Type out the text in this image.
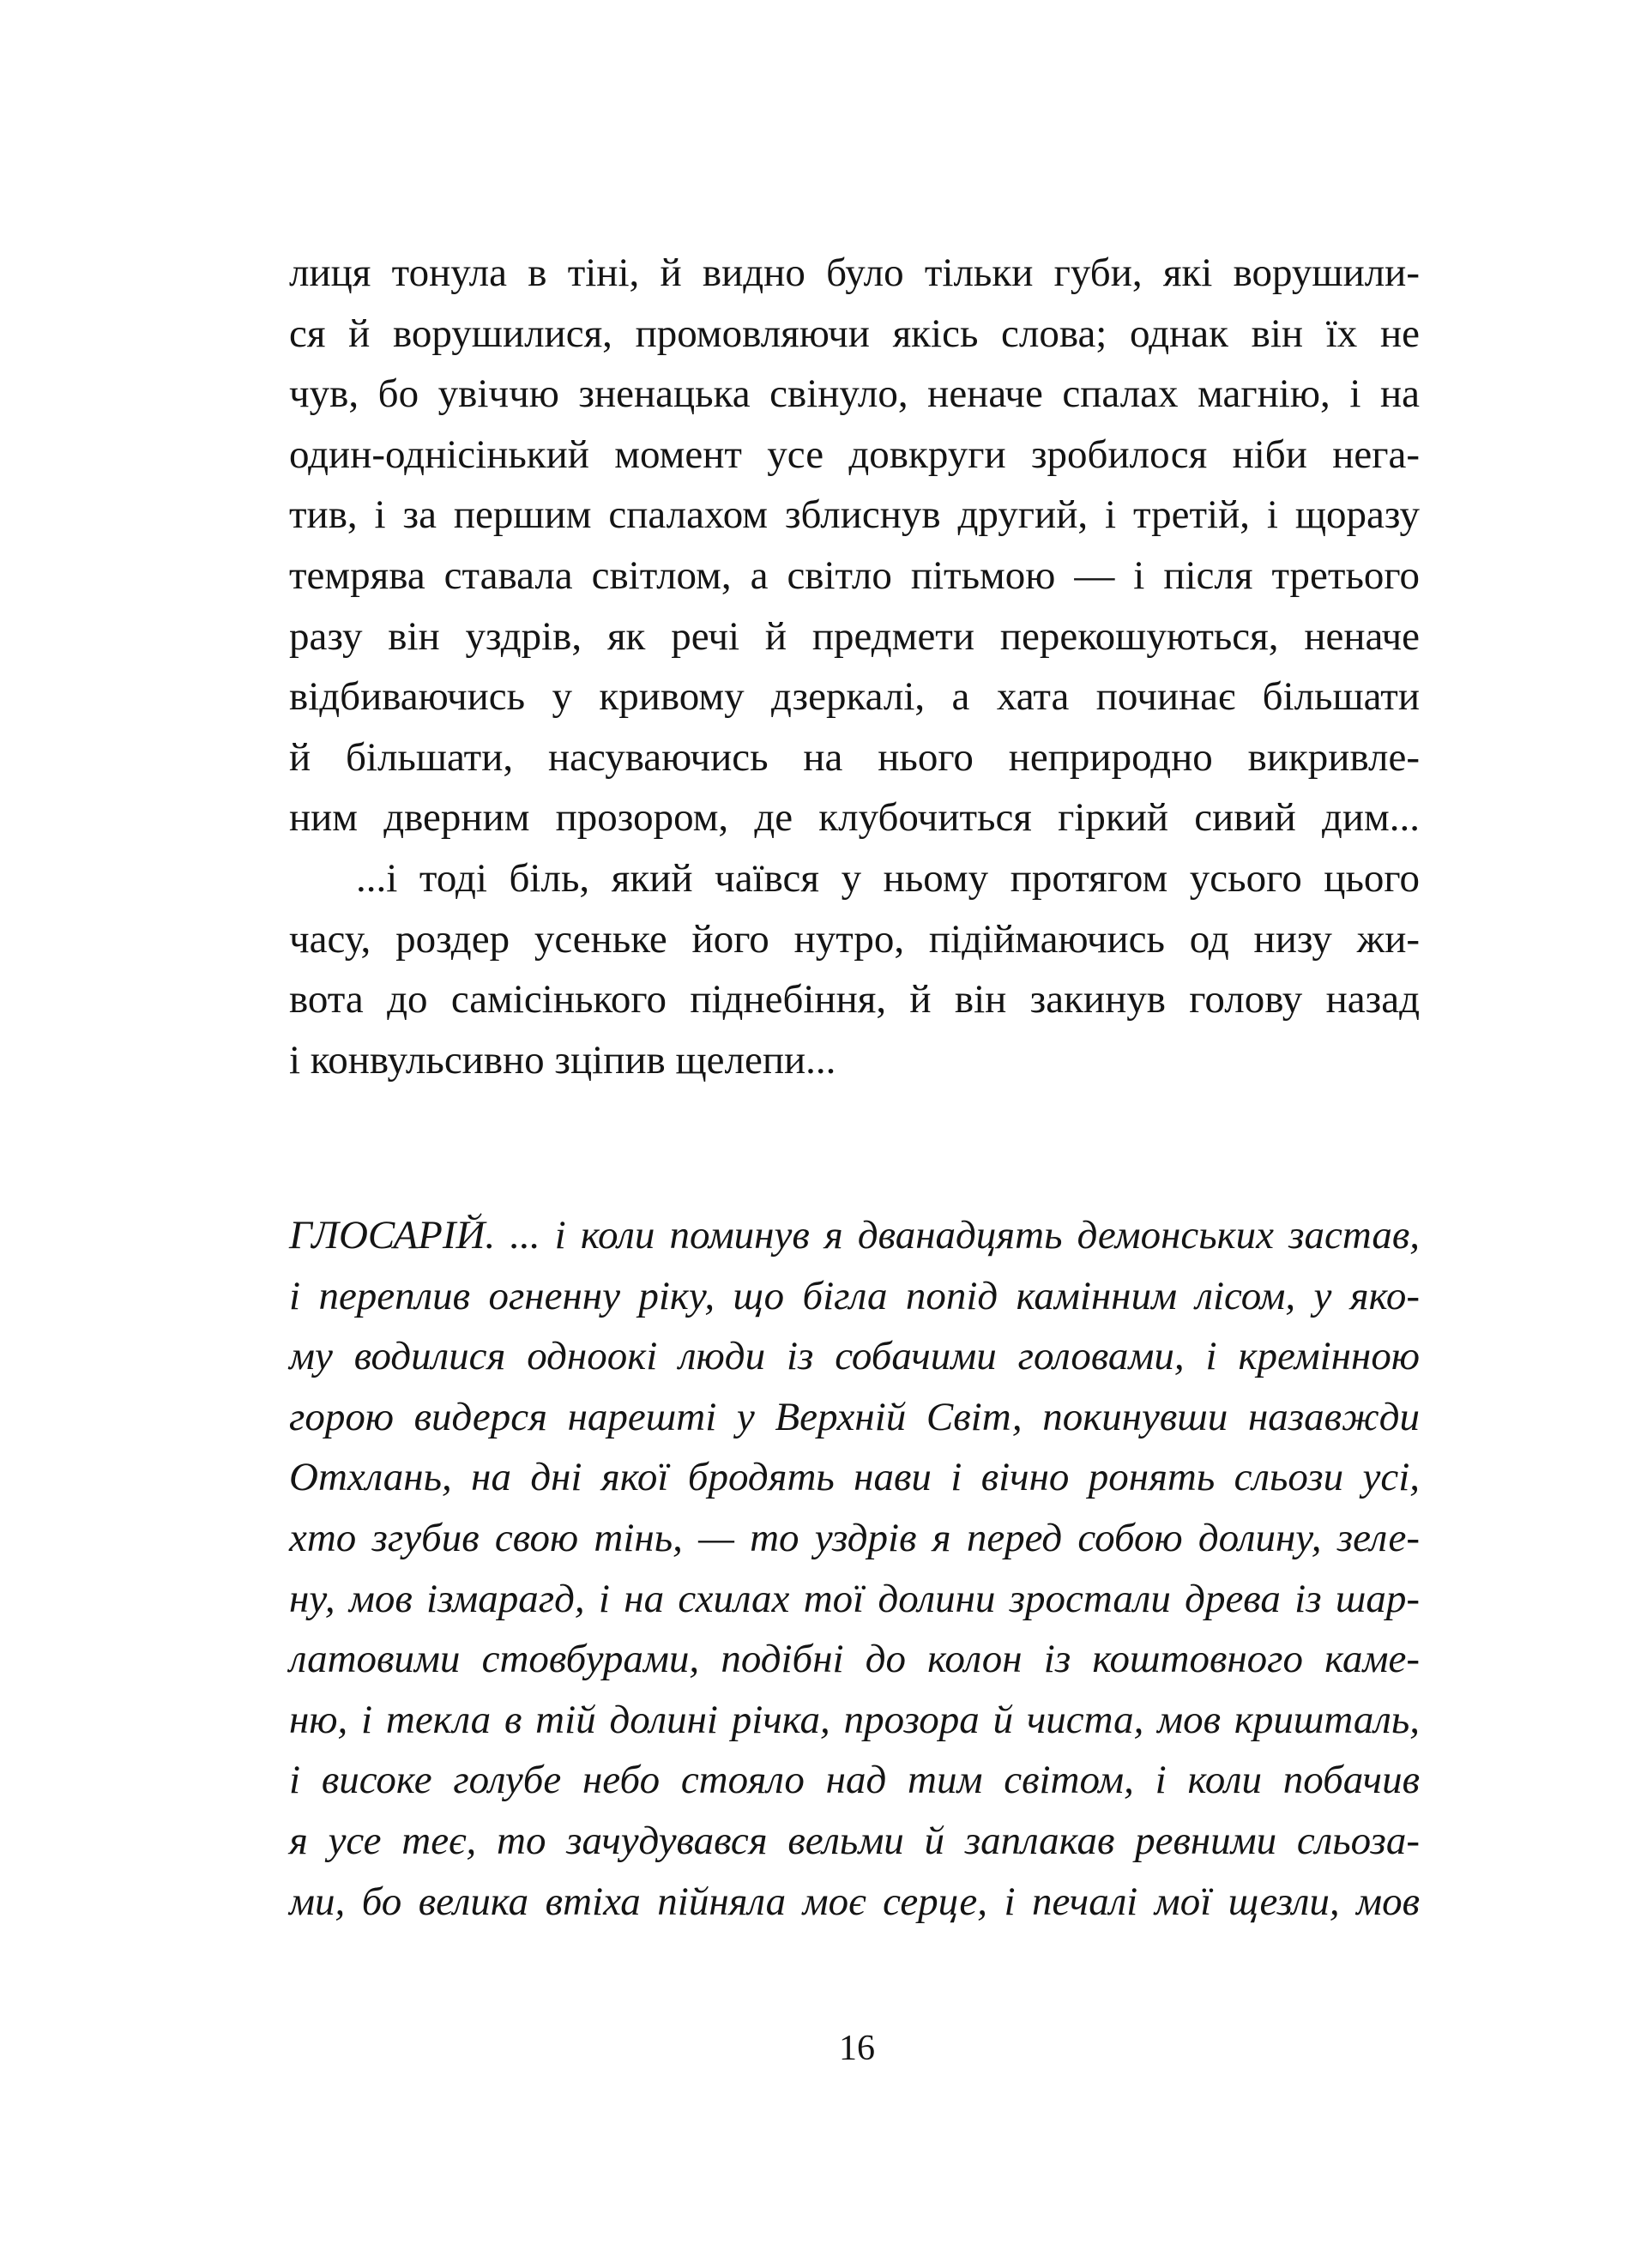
лиця тонула в тіні, й видно було тільки губи, які ворушили-
ся й ворушилися, промовляючи якісь слова; однак він їх не
чув, бо увіччю зненацька свінуло, неначе спалах магнію, і на
один-однісінький момент усе довкруги зробилося ніби нега-
тив, і за першим спалахом зблиснув другий, і третій, і щоразу
темрява ставала світлом, а світло пітьмою — і після третього
разу він уздрів, як речі й предмети перекошуються, неначе
відбиваючись у кривому дзеркалі, а хата починає більшати
й більшати, насуваючись на нього неприродно викривле-
ним дверним прозором, де клубочиться гіркий сивий дим...
...і тоді біль, який чаївся у ньому протягом усього цього
часу, роздер усеньке його нутро, підіймаючись од низу жи-
вота до самісінького піднебіння, й він закинув голову назад
і конвульсивно зціпив щелепи...
ГЛОСАРІЙ. ... і коли поминув я дванадцять демонських застав,
і переплив огненну ріку, що бігла попід камінним лісом, у яко-
му водилися одноокі люди із собачими головами, і кремінною
горою видерся нарешті у Верхній Світ, покинувши назавжди
Отхлань, на дні якої бродять нави і вічно ронять сльози усі,
хто згубив свою тінь, — то уздрів я перед собою долину, зеле-
ну, мов ізмарагд, і на схилах тої долини зростали древа із шар-
латовими стовбурами, подібні до колон із коштовного каме-
ню, і текла в тій долині річка, прозора й чиста, мов кришталь,
і високе голубе небо стояло над тим світом, і коли побачив
я усе теє, то зачудувався вельми й заплакав ревними сльоза-
ми, бо велика втіха пійняла моє серце, і печалі мої щезли, мов
16
